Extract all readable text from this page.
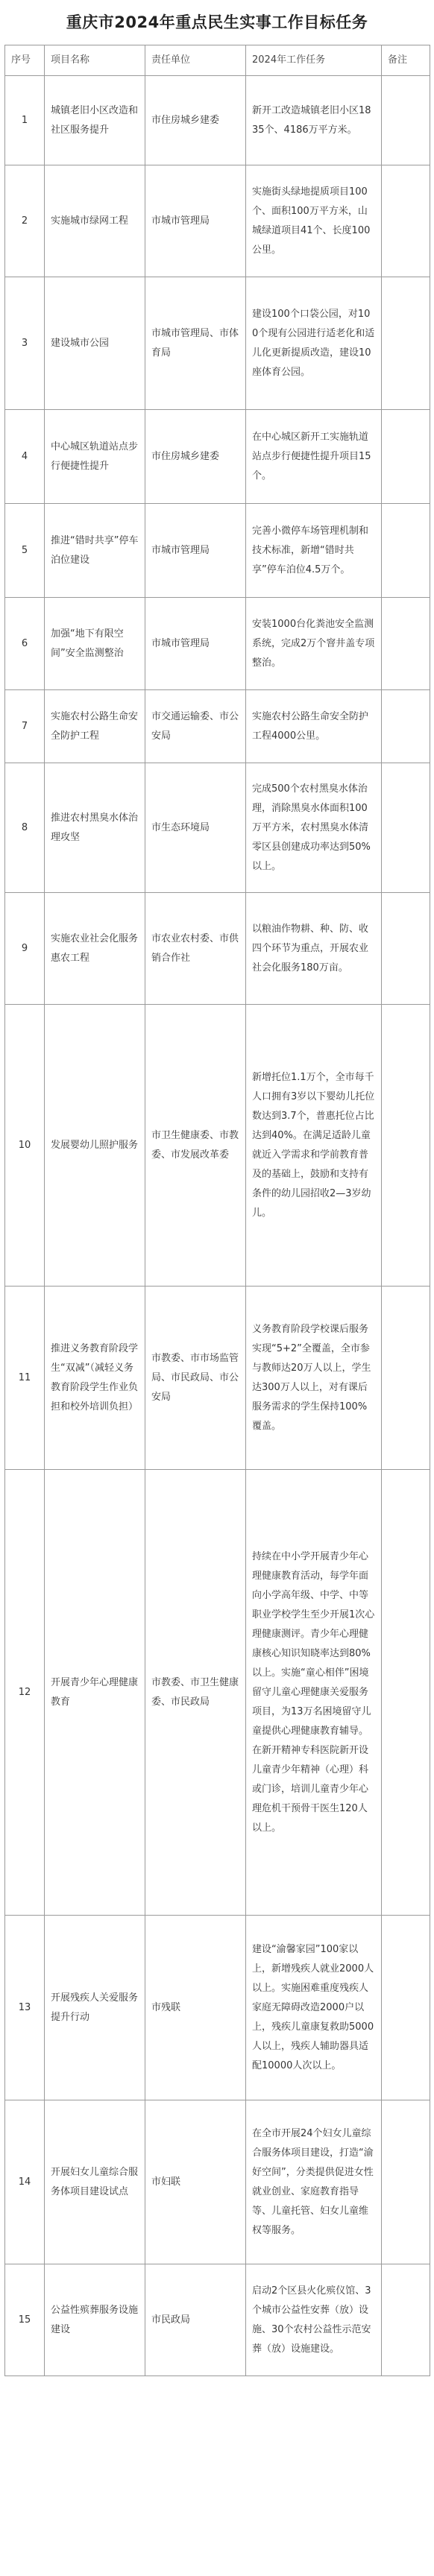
重庆市2024年重点民生实事工作目标任务
序号	项目名称	责任单位	2024年工作任务	备注
1	城镇老旧小区改造和社区服务提升	市住房城乡建委	新开工改造城镇老旧小区1835个、4186万平方米。	
2	实施城市绿网工程	市城市管理局	实施街头绿地提质项目100个、面积100万平方米，山城绿道项目41个、长度100公里。	
3	建设城市公园	市城市管理局、市体育局	建设100个口袋公园，对100个现有公园进行适老化和适儿化更新提质改造，建设10座体育公园。	
4	中心城区轨道站点步行便捷性提升	市住房城乡建委	在中心城区新开工实施轨道站点步行便捷性提升项目15个。	
5	推进“错时共享”停车泊位建设	市城市管理局	完善小微停车场管理机制和技术标准，新增“错时共享”停车泊位4.5万个。	
6	加强“地下有限空间”安全监测整治	市城市管理局	安装1000台化粪池安全监测系统，完成2万个窨井盖专项整治。	
7	实施农村公路生命安全防护工程	市交通运输委、市公安局	实施农村公路生命安全防护工程4000公里。	
8	推进农村黑臭水体治理攻坚	市生态环境局	完成500个农村黑臭水体治理，消除黑臭水体面积100万平方米，农村黑臭水体清零区县创建成功率达到50%以上。	
9	实施农业社会化服务惠农工程	市农业农村委、市供销合作社	以粮油作物耕、种、防、收四个环节为重点，开展农业社会化服务180万亩。	
10	发展婴幼儿照护服务	市卫生健康委、市教委、市发展改革委	新增托位1.1万个，全市每千人口拥有3岁以下婴幼儿托位数达到3.7个，普惠托位占比达到40%。在满足适龄儿童就近入学需求和学前教育普及的基础上，鼓励和支持有条件的幼儿园招收2—3岁幼儿。	
11	推进义务教育阶段学生“双减”（减轻义务教育阶段学生作业负担和校外培训负担）	市教委、市市场监管局、市民政局、市公安局	义务教育阶段学校课后服务实现“5+2”全覆盖，全市参与教师达20万人以上，学生达300万人以上，对有课后服务需求的学生保持100%覆盖。	
12	开展青少年心理健康教育	市教委、市卫生健康委、市民政局	持续在中小学开展青少年心理健康教育活动，每学年面向小学高年级、中学、中等职业学校学生至少开展1次心理健康测评。青少年心理健康核心知识知晓率达到80%以上。实施“童心相伴”困境留守儿童心理健康关爱服务项目，为13万名困境留守儿童提供心理健康教育辅导。在新开精神专科医院新开设儿童青少年精神（心理）科或门诊，培训儿童青少年心理危机干预骨干医生120人以上。	
13	开展残疾人关爱服务提升行动	市残联	建设“渝馨家园”100家以上，新增残疾人就业2000人以上。实施困难重度残疾人家庭无障碍改造2000户以上，残疾儿童康复救助5000人以上，残疾人辅助器具适配10000人次以上。	
14	开展妇女儿童综合服务体项目建设试点	市妇联	在全市开展24个妇女儿童综合服务体项目建设，打造“渝好空间”，分类提供促进女性就业创业、家庭教育指导等、儿童托管、妇女儿童维权等服务。	
15	公益性殡葬服务设施建设	市民政局	启动2个区县火化殡仪馆、3个城市公益性安葬（放）设施、30个农村公益性示范安葬（放）设施建设。	
